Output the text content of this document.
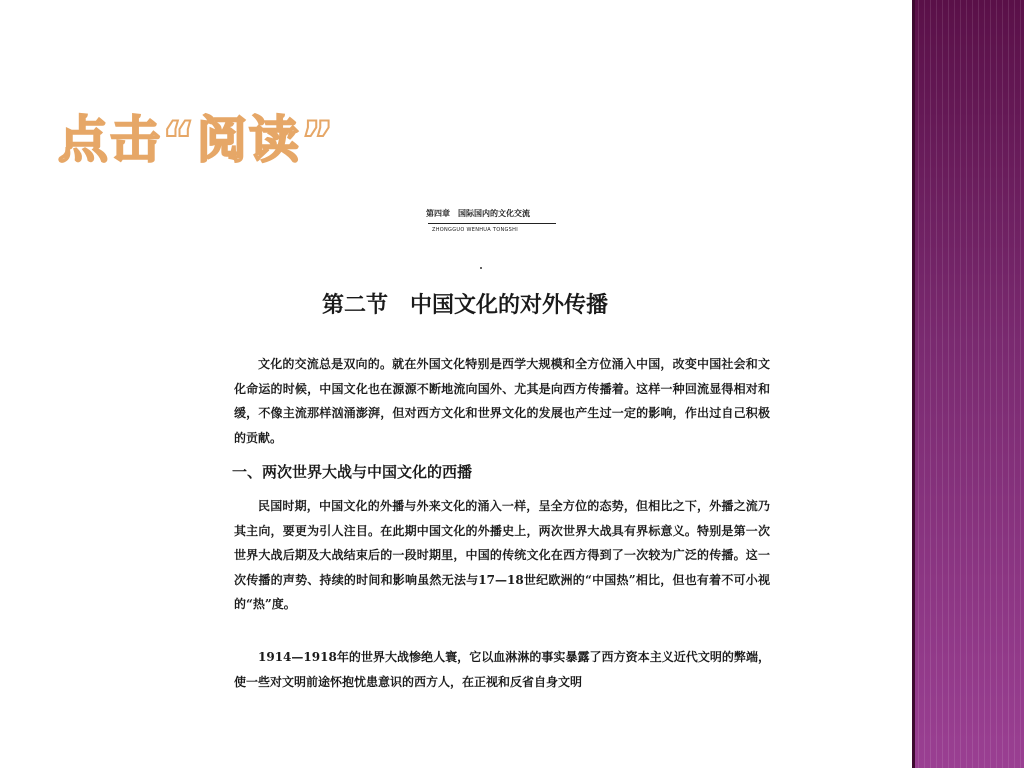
点击“阅读”
第四章　国际国内的文化交流
ZHONGGUO WENHUA TONGSHI
第二节 中国文化的对外传播
文化的交流总是双向的。就在外国文化特别是西学大规模和全方位涌入中国，改变中国社会和文化命运的时候，中国文化也在源源不断地流向国外、尤其是向西方传播着。这样一种回流显得相对和缓，不像主流那样汹涌澎湃，但对西方文化和世界文化的发展也产生过一定的影响，作出过自己积极的贡献。
一、两次世界大战与中国文化的西播
民国时期，中国文化的外播与外来文化的涌入一样，呈全方位的态势，但相比之下，外播之流乃其主向，要更为引人注目。在此期中国文化的外播史上，两次世界大战具有界标意义。特别是第一次世界大战后期及大战结束后的一段时期里，中国的传统文化在西方得到了一次较为广泛的传播。这一次传播的声势、持续的时间和影响虽然无法与17—18世纪欧洲的“中国热”相比，但也有着不可小视的“热”度。
1914—1918年的世界大战惨绝人寰，它以血淋淋的事实暴露了西方资本主义近代文明的弊端，使一些对文明前途怀抱忧患意识的西方人，在正视和反省自身文明
